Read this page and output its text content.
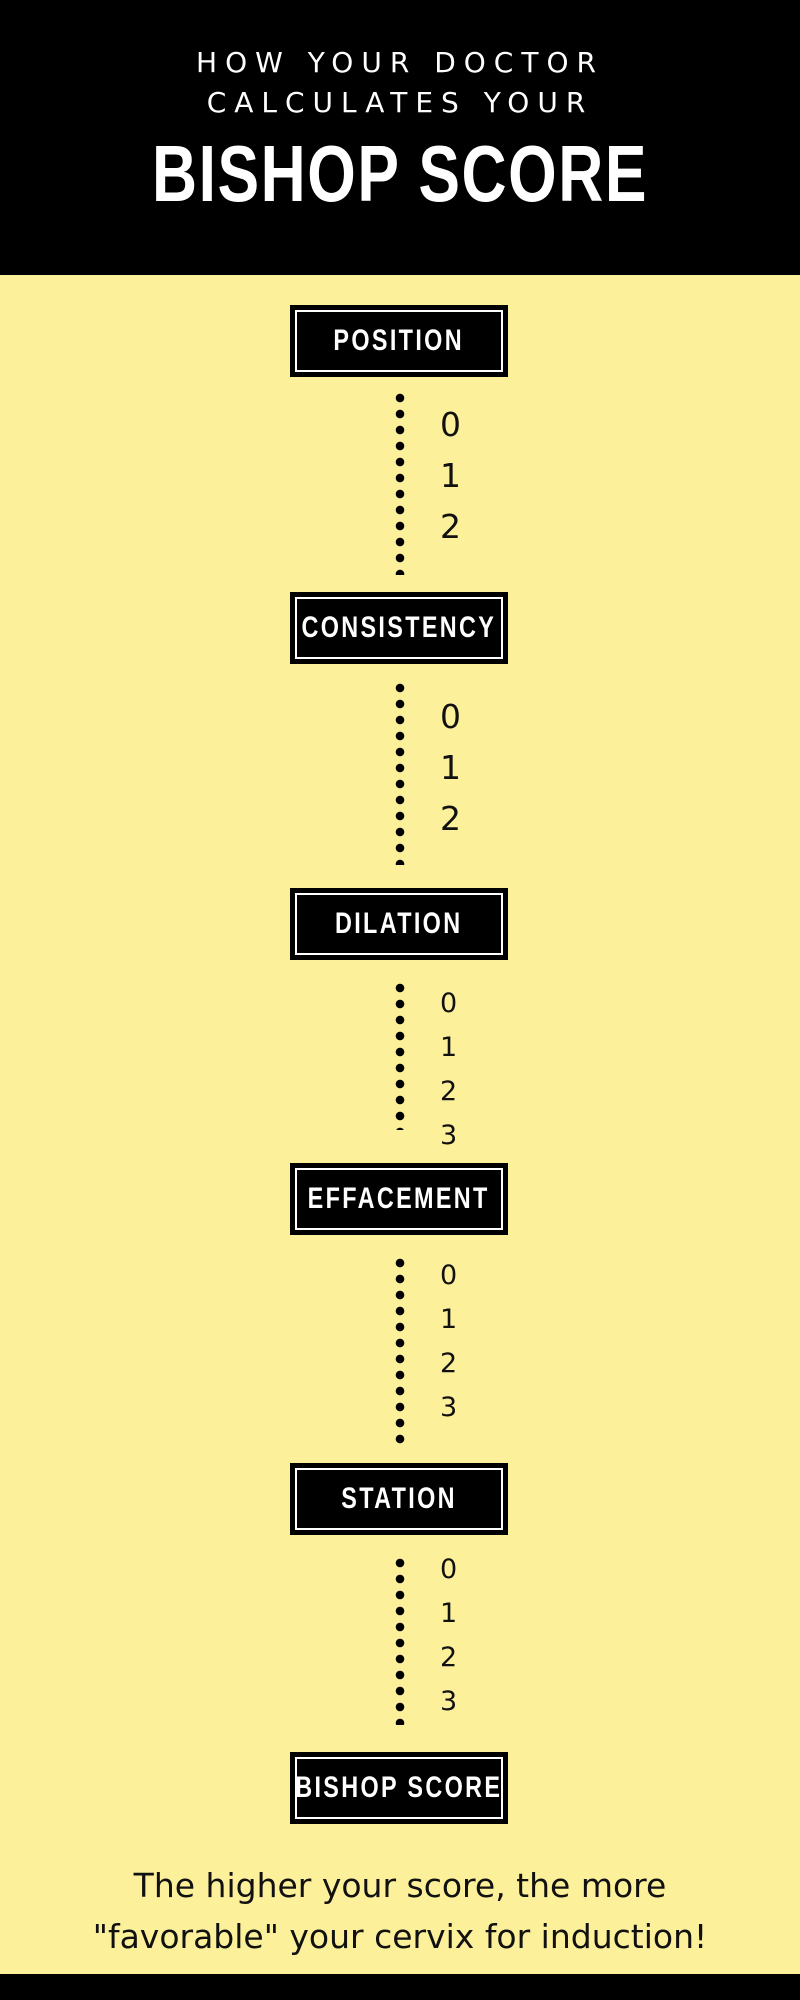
HOW YOUR DOCTOR
CALCULATES YOUR
BISHOP SCORE
POSITION
0
1
2
CONSISTENCY
0
1
2
DILATION
0
1
2
3
EFFACEMENT
0
1
2
3
STATION
0
1
2
3
BISHOP SCORE
The higher your score, the more
"favorable" your cervix for induction!
